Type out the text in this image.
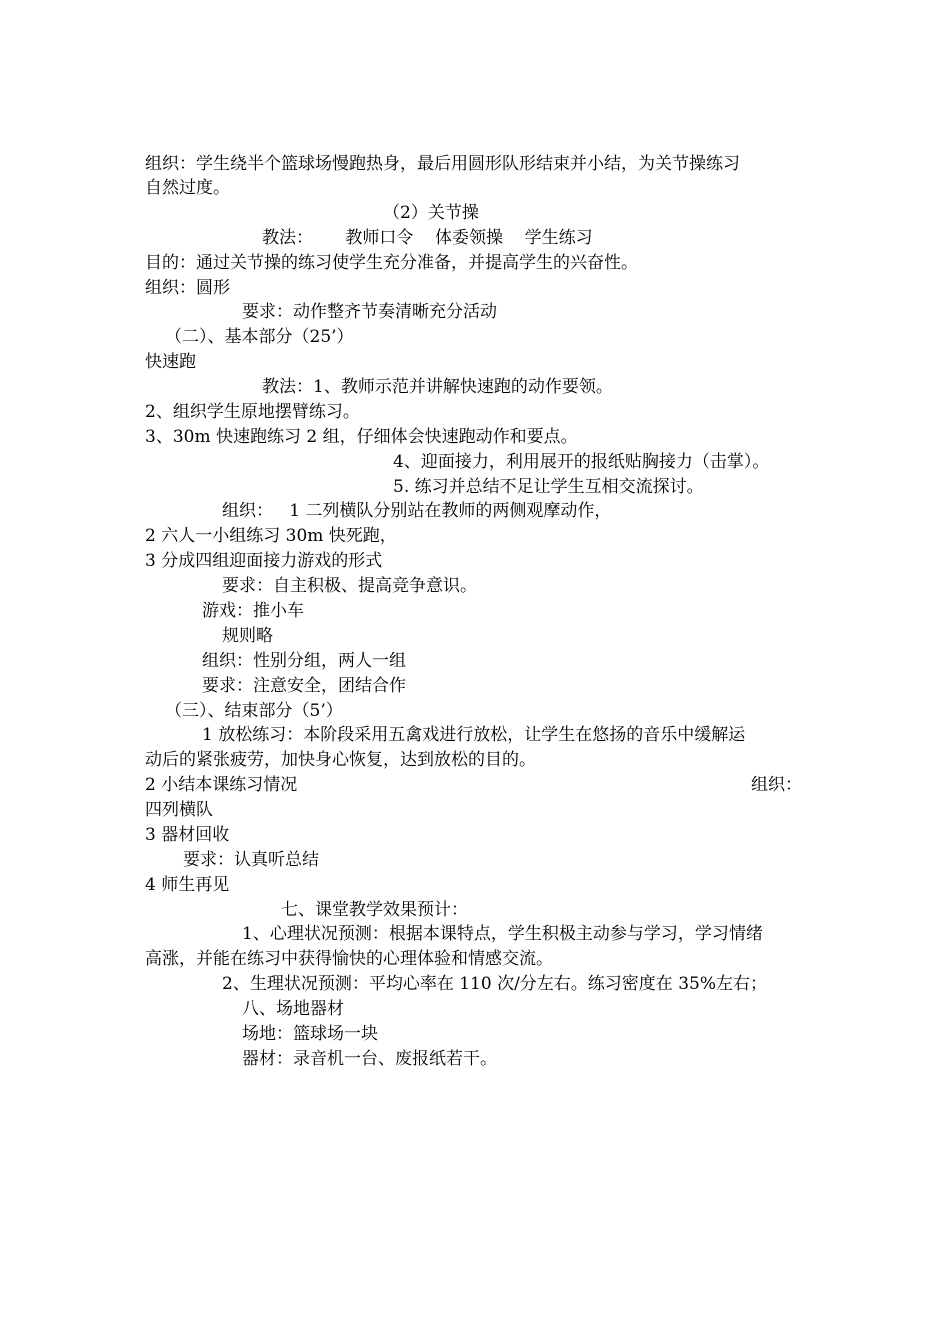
组织：学生绕半个篮球场慢跑热身，最后用圆形队形结束并小结，为关节操练习

自然过度。

（2）关节操

教法：      教师口令    体委领操    学生练习

目的：通过关节操的练习使学生充分准备，并提高学生的兴奋性。

组织：圆形

要求：动作整齐节奏清晰充分活动

（二）、基本部分（25’）

快速跑

教法：1、教师示范并讲解快速跑的动作要领。

2、组织学生原地摆臂练习。

3、30m 快速跑练习 2 组，仔细体会快速跑动作和要点。

4、迎面接力，利用展开的报纸贴胸接力（击掌）。

5. 练习并总结不足让学生互相交流探讨。

组织：   1 二列横队分别站在教师的两侧观摩动作，

2 六人一小组练习 30m 快死跑，

3 分成四组迎面接力游戏的形式

要求：自主积极、提高竞争意识。

游戏：推小车

规则略

组织：性别分组，两人一组

要求：注意安全，团结合作

（三）、结束部分（5’）

1 放松练习：本阶段采用五禽戏进行放松，让学生在悠扬的音乐中缓解运

动后的紧张疲劳，加快身心恢复，达到放松的目的。

2 小结本课练习情况	组织：

四列横队

3 器材回收

要求：认真听总结

4 师生再见

七、课堂教学效果预计：

1、心理状况预测：根据本课特点，学生积极主动参与学习，学习情绪

高涨，并能在练习中获得愉快的心理体验和情感交流。

2、生理状况预测：平均心率在 110 次/分左右。练习密度在 35%左右；

八、场地器材

场地：篮球场一块

器材：录音机一台、废报纸若干。
